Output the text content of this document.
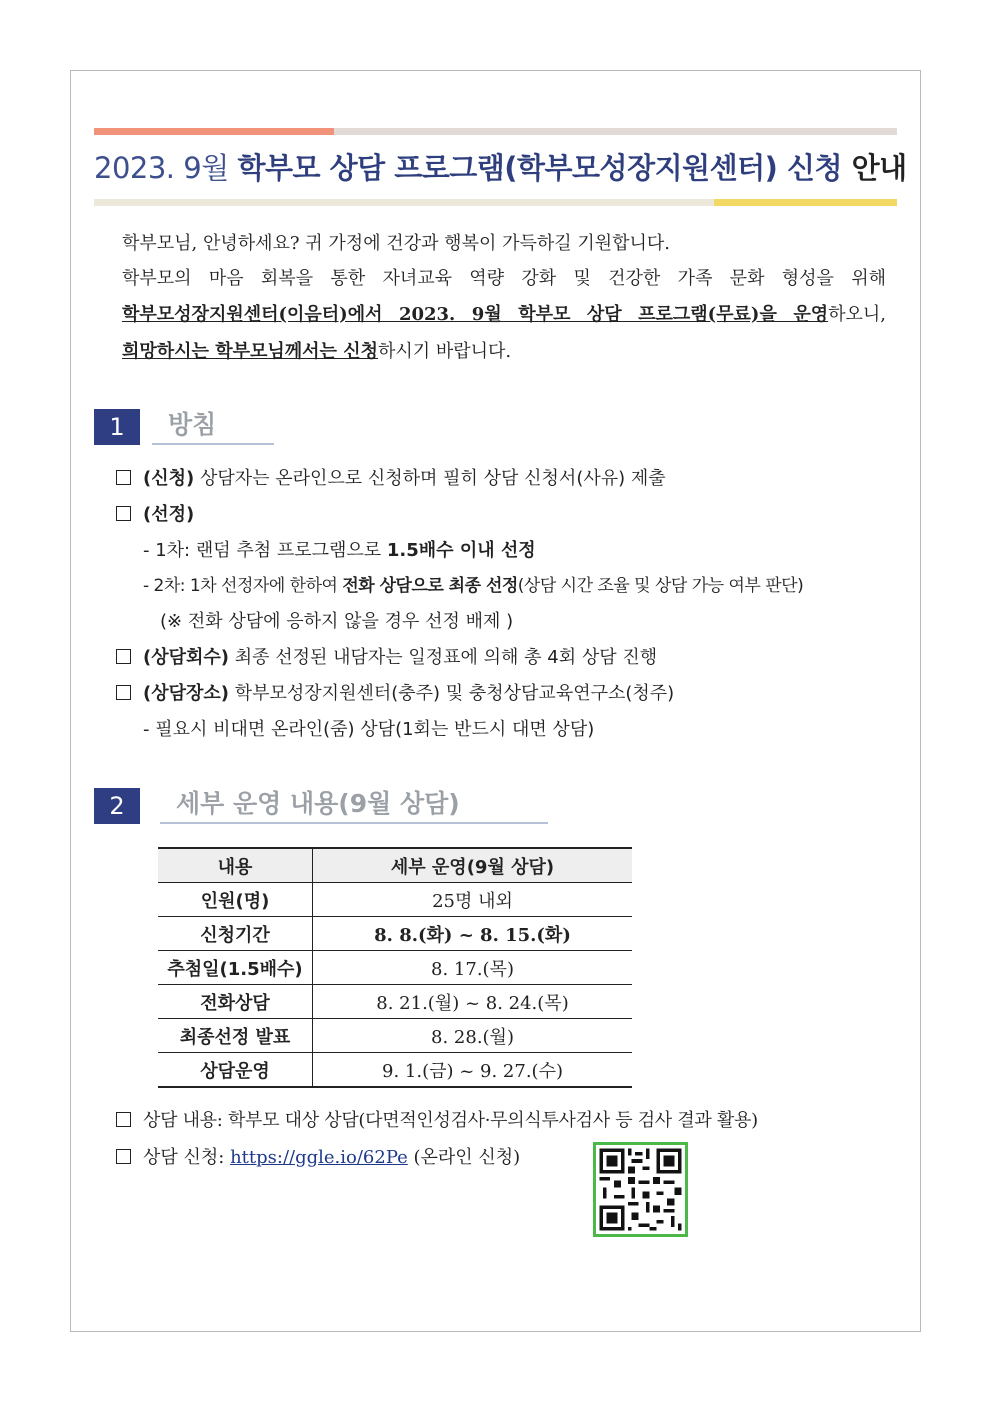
2023. 9월 학부모 상담 프로그램(학부모성장지원센터) 신청 안내
학부모님, 안녕하세요? 귀 가정에 건강과 행복이 가득하길 기원합니다.
학부모의 마음 회복을 통한 자녀교육 역량 강화 및 건강한 가족 문화 형성을 위해
학부모성장지원센터(이음터)에서 2023. 9월 학부모 상담 프로그램(무료)을 운영하오니,
희망하시는 학부모님께서는 신청하시기 바랍니다.
1	방침
(신청) 상담자는 온라인으로 신청하며 필히 상담 신청서(사유) 제출
(선정)
- 1차: 랜덤 추첨 프로그램으로 1.5배수 이내 선정
- 2차: 1차 선정자에 한하여 전화 상담으로 최종 선정(상담 시간 조율 및 상담 가능 여부 판단)
(※ 전화 상담에 응하지 않을 경우 선정 배제 )
(상담회수) 최종 선정된 내담자는 일정표에 의해 총 4회 상담 진행
(상담장소) 학부모성장지원센터(충주) 및 충청상담교육연구소(청주)
- 필요시 비대면 온라인(줌) 상담(1회는 반드시 대면 상담)
2	세부 운영 내용(9월 상담)
내용	세부 운영(9월 상담)
인원(명)	25명 내외
신청기간	8. 8.(화) ~ 8. 15.(화)
추첨일(1.5배수)	8. 17.(목)
전화상담	8. 21.(월) ~ 8. 24.(목)
최종선정 발표	8. 28.(월)
상담운영	9. 1.(금) ~ 9. 27.(수)
상담 내용: 학부모 대상 상담(다면적인성검사·무의식투사검사 등 검사 결과 활용)
상담 신청: https://ggle.io/62Pe (온라인 신청)
